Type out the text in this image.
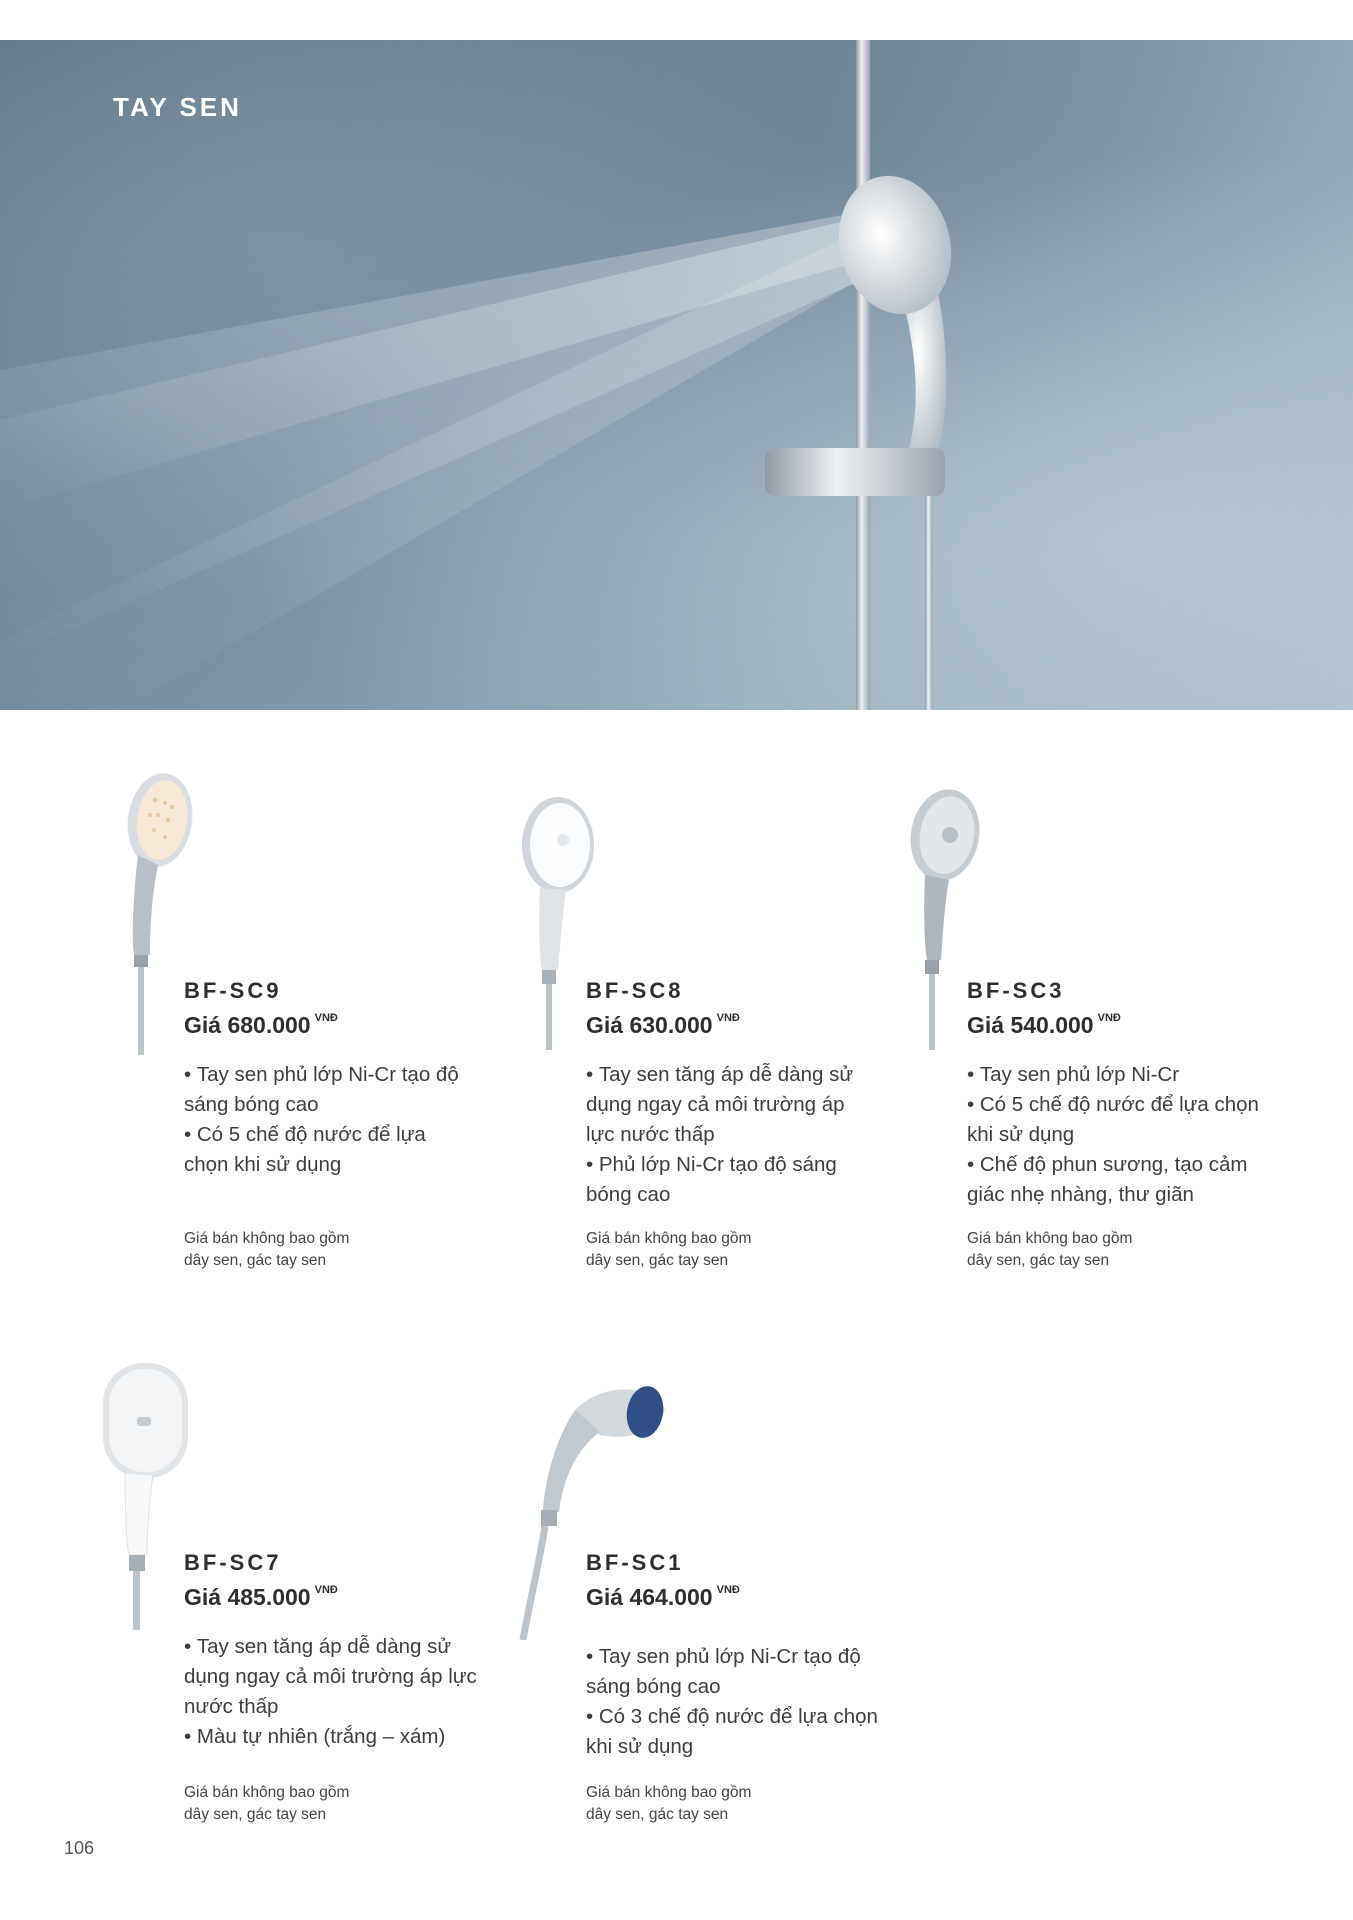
TAY SEN
BF-SC9
Giá 680.000 $^{VNĐ}$
• Tay sen phủ lớp Ni-Cr tạo độ sáng bóng cao
• Có 5 chế độ nước để lựa chọn khi sử dụng
Giá bán không bao gồm
dây sen, gác tay sen
BF-SC8
Giá 630.000 $^{VNĐ}$
• Tay sen tăng áp dễ dàng sử dụng ngay cả môi trường áp lực nước thấp
• Phủ lớp Ni-Cr tạo độ sáng bóng cao
Giá bán không bao gồm
dây sen, gác tay sen
BF-SC3
Giá 540.000 $^{VNĐ}$
• Tay sen phủ lớp Ni-Cr
• Có 5 chế độ nước để lựa chọn khi sử dụng
• Chế độ phun sương, tạo cảm giác nhẹ nhàng, thư giãn
Giá bán không bao gồm
dây sen, gác tay sen
BF-SC7
Giá 485.000 $^{VNĐ}$
• Tay sen tăng áp dễ dàng sử dụng ngay cả môi trường áp lực nước thấp
• Màu tự nhiên (trắng – xám)
Giá bán không bao gồm
dây sen, gác tay sen
BF-SC1
Giá 464.000 $^{VNĐ}$
• Tay sen phủ lớp Ni-Cr tạo độ sáng bóng cao
• Có 3 chế độ nước để lựa chọn khi sử dụng
Giá bán không bao gồm
dây sen, gác tay sen
106
